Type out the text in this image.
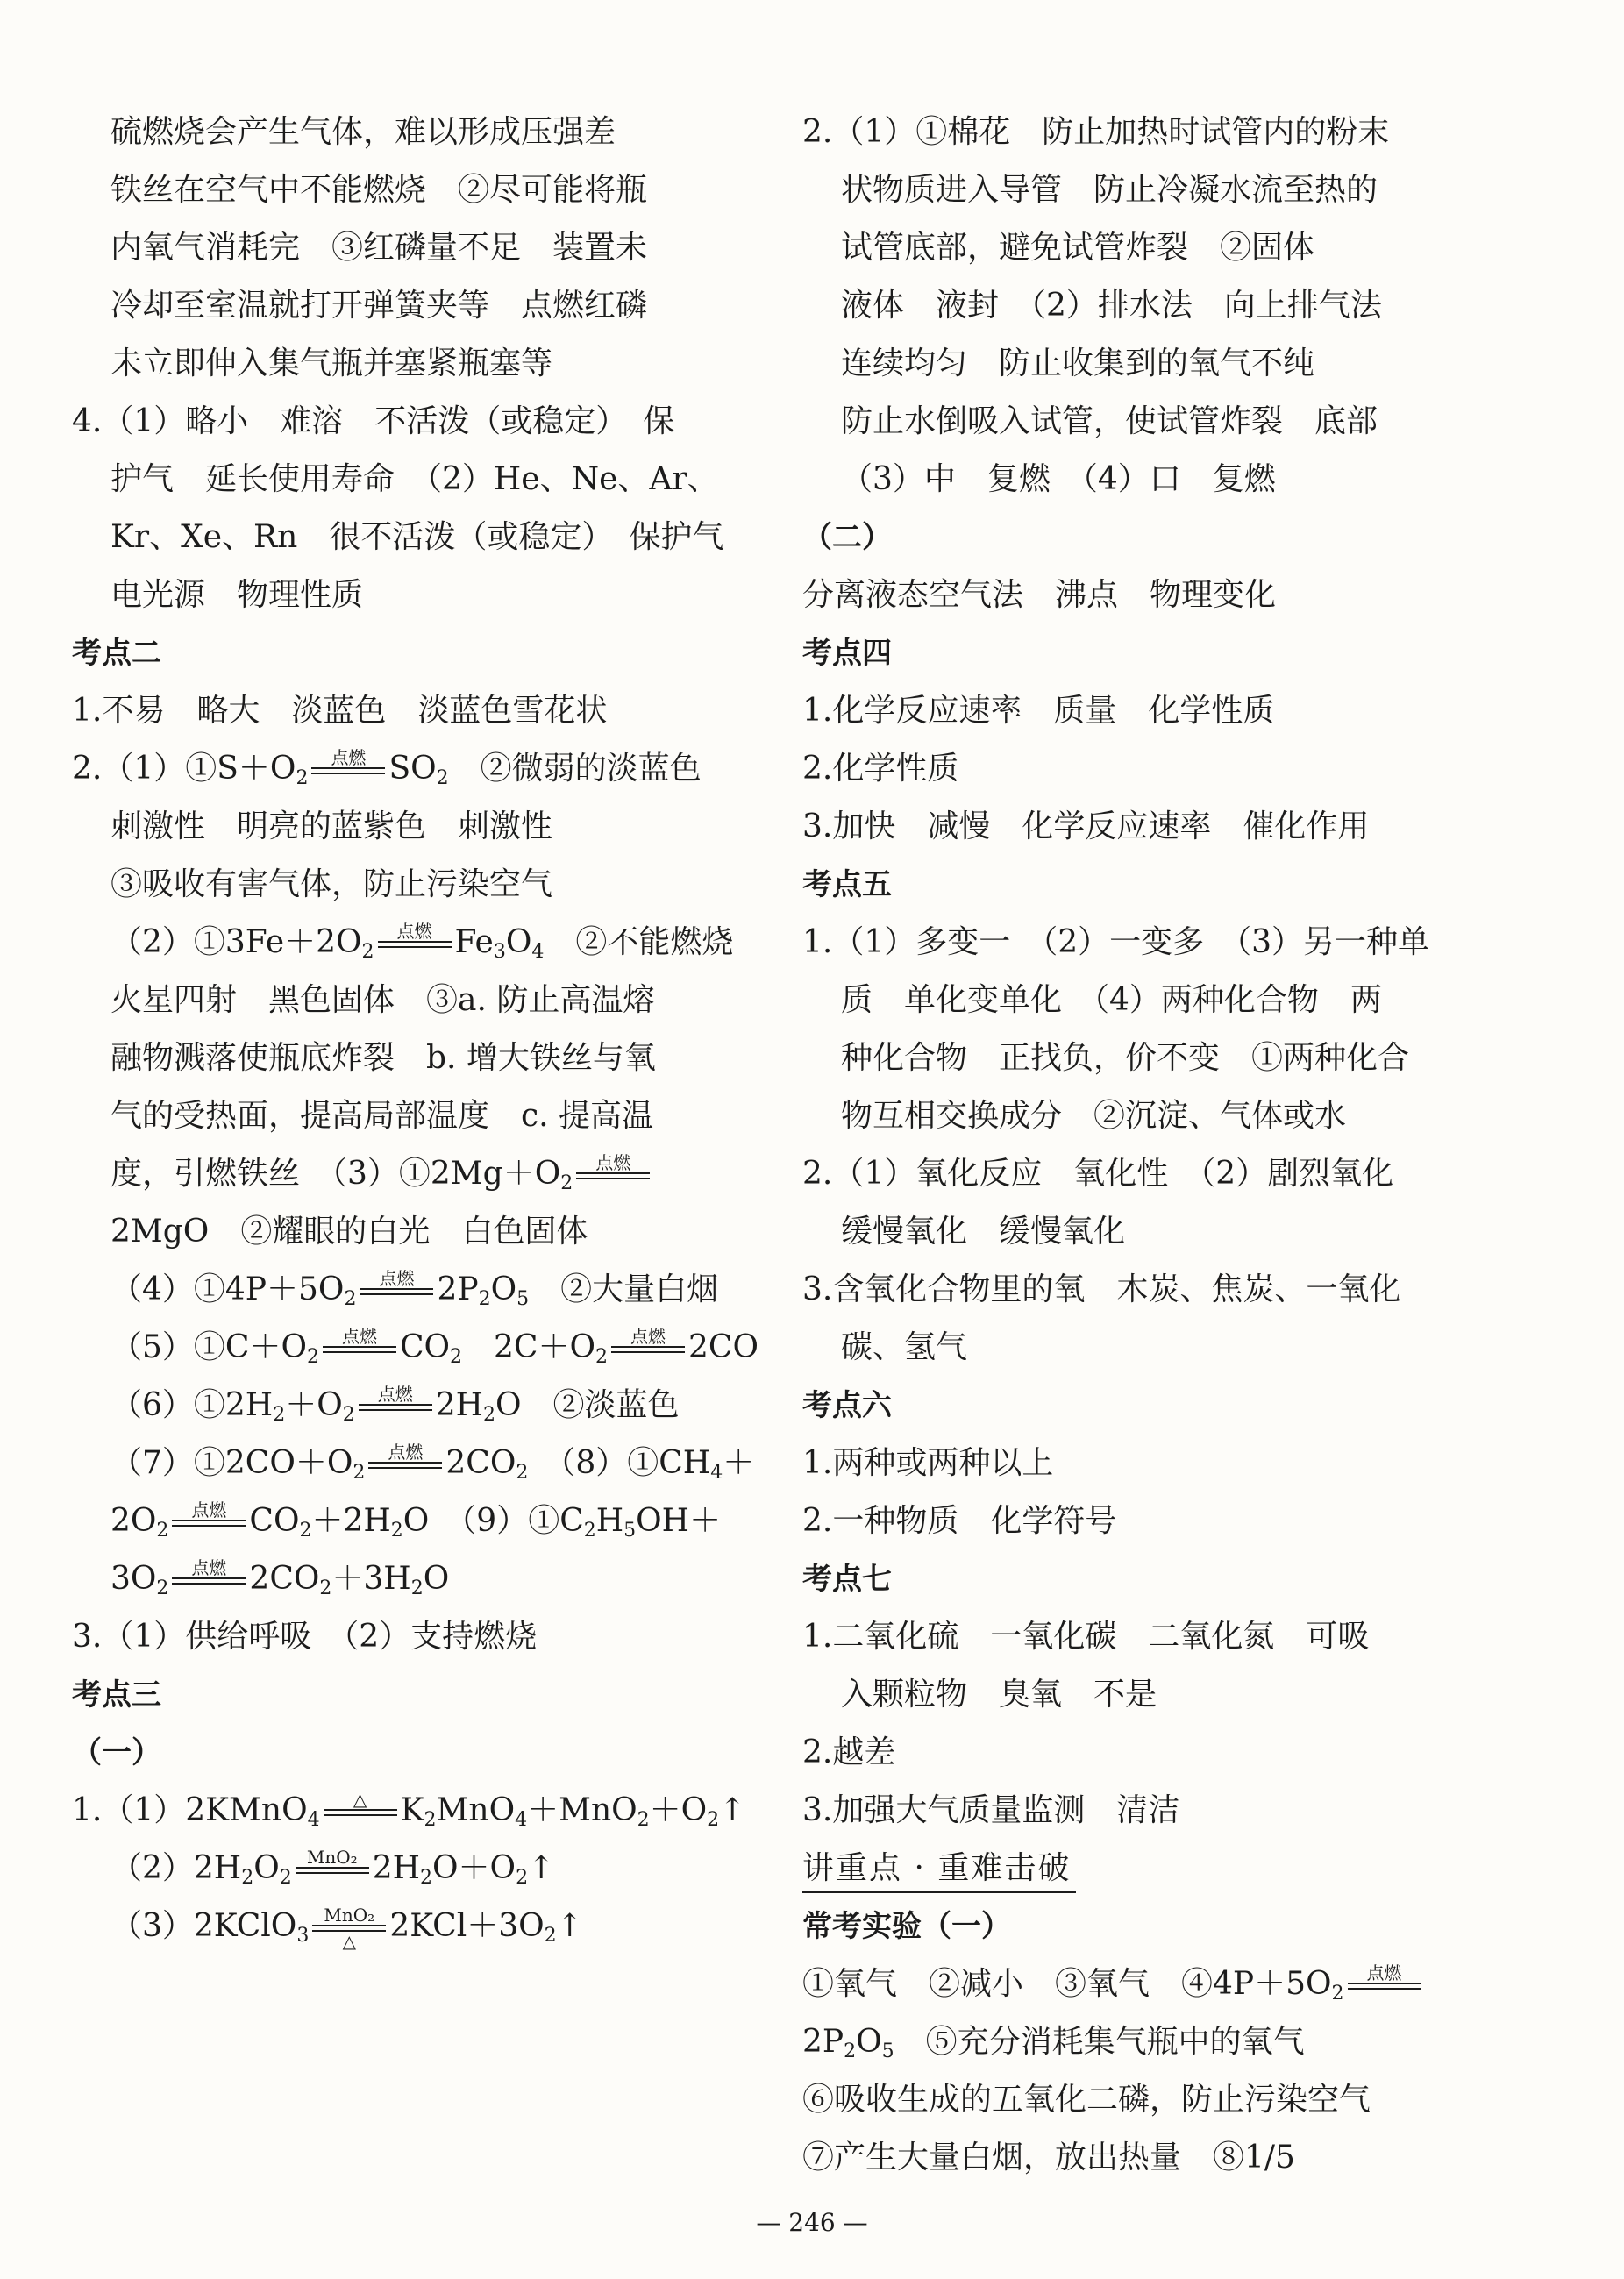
硫燃烧会产生气体，难以形成压强差
铁丝在空气中不能燃烧　②尽可能将瓶
内氧气消耗完　③红磷量不足　装置未
冷却至室温就打开弹簧夹等　点燃红磷
未立即伸入集气瓶并塞紧瓶塞等
4.（1）略小　难溶　不活泼（或稳定）　保
护气　延长使用寿命　（2）He、Ne、Ar、
Kr、Xe、Rn　很不活泼（或稳定）　保护气
电光源　物理性质
考点二
1.不易　略大　淡蓝色　淡蓝色雪花状
$2.(1)①S+O_2$
点燃 $SO_2$　②微弱的淡蓝色
刺激性　明亮的蓝紫色　刺激性
③吸收有害气体，防止污染空气
$(2)①3Fe+2O_2$
点燃 $Fe_3O_4$　②不能燃烧
火星四射　黑色固体　③a. 防止高温熔
融物溅落使瓶底炸裂　b. 增大铁丝与氧
气的受热面，提高局部温度　c. 提高温
度，引燃铁丝　$(3)①2Mg+O_2$
点燃
2MgO　②耀眼的白光　白色固体
$(4)①4P+5O_2$
点燃 $2P_2O_5$　②大量白烟
$(5)①C+O_2$
点燃 $CO_2$　$2C+O_2$
点燃 2CO
$(6)①2H_2+O_2$
点燃 $2H_2O$　②淡蓝色
$(7)①2CO+O_2$
点燃 $2CO_2$　$(8)①CH_4+$
$2O_2$
点燃 $CO_2+2H_2O$　$(9)①C_2H_5OH+$
$3O_2$
点燃 $2CO_2+3H_2O$
3.（1）供给呼吸　（2）支持燃烧
考点三
（一）
1.（1）2KMnO$_4$
△	$K_2MnO_4+MnO_2+O_2↑$
$(2)2H_2O_2$
MnO₂ $2H_2O+O_2↑$
（3）2KClO$_3$
MnO₂
△	$2KCl+3O_2↑$
2.（1）①棉花　防止加热时试管内的粉末
状物质进入导管　防止冷凝水流至热的
试管底部，避免试管炸裂　②固体
液体　液封　（2）排水法　向上排气法
连续均匀　防止收集到的氧气不纯
防止水倒吸入试管，使试管炸裂　底部
（3）中　复燃　（4）口　复燃
（二）
分离液态空气法　沸点　物理变化
考点四
1.化学反应速率　质量　化学性质
2.化学性质
3.加快　减慢　化学反应速率　催化作用
考点五
1.（1）多变一　（2）一变多　（3）另一种单
质　单化变单化　（4）两种化合物　两
种化合物　正找负，价不变　①两种化合
物互相交换成分　②沉淀、气体或水
2.（1）氧化反应　氧化性　（2）剧烈氧化
缓慢氧化　缓慢氧化
3.含氧化合物里的氧　木炭、焦炭、一氧化
碳、氢气
考点六
1.两种或两种以上
2.一种物质　化学符号
考点七
1.二氧化硫　一氧化碳　二氧化氮　可吸
入颗粒物　臭氧　不是
2.越差
3.加强大气质量监测　清洁
讲重点 · 重难击破
常考实验（一）
①氧气　②减小　③氧气　$④4P+5O_2$
点燃
$2P_2O_5$　⑤充分消耗集气瓶中的氧气
⑥吸收生成的五氧化二磷，防止污染空气
⑦产生大量白烟，放出热量　⑧1/5
— 246 —
